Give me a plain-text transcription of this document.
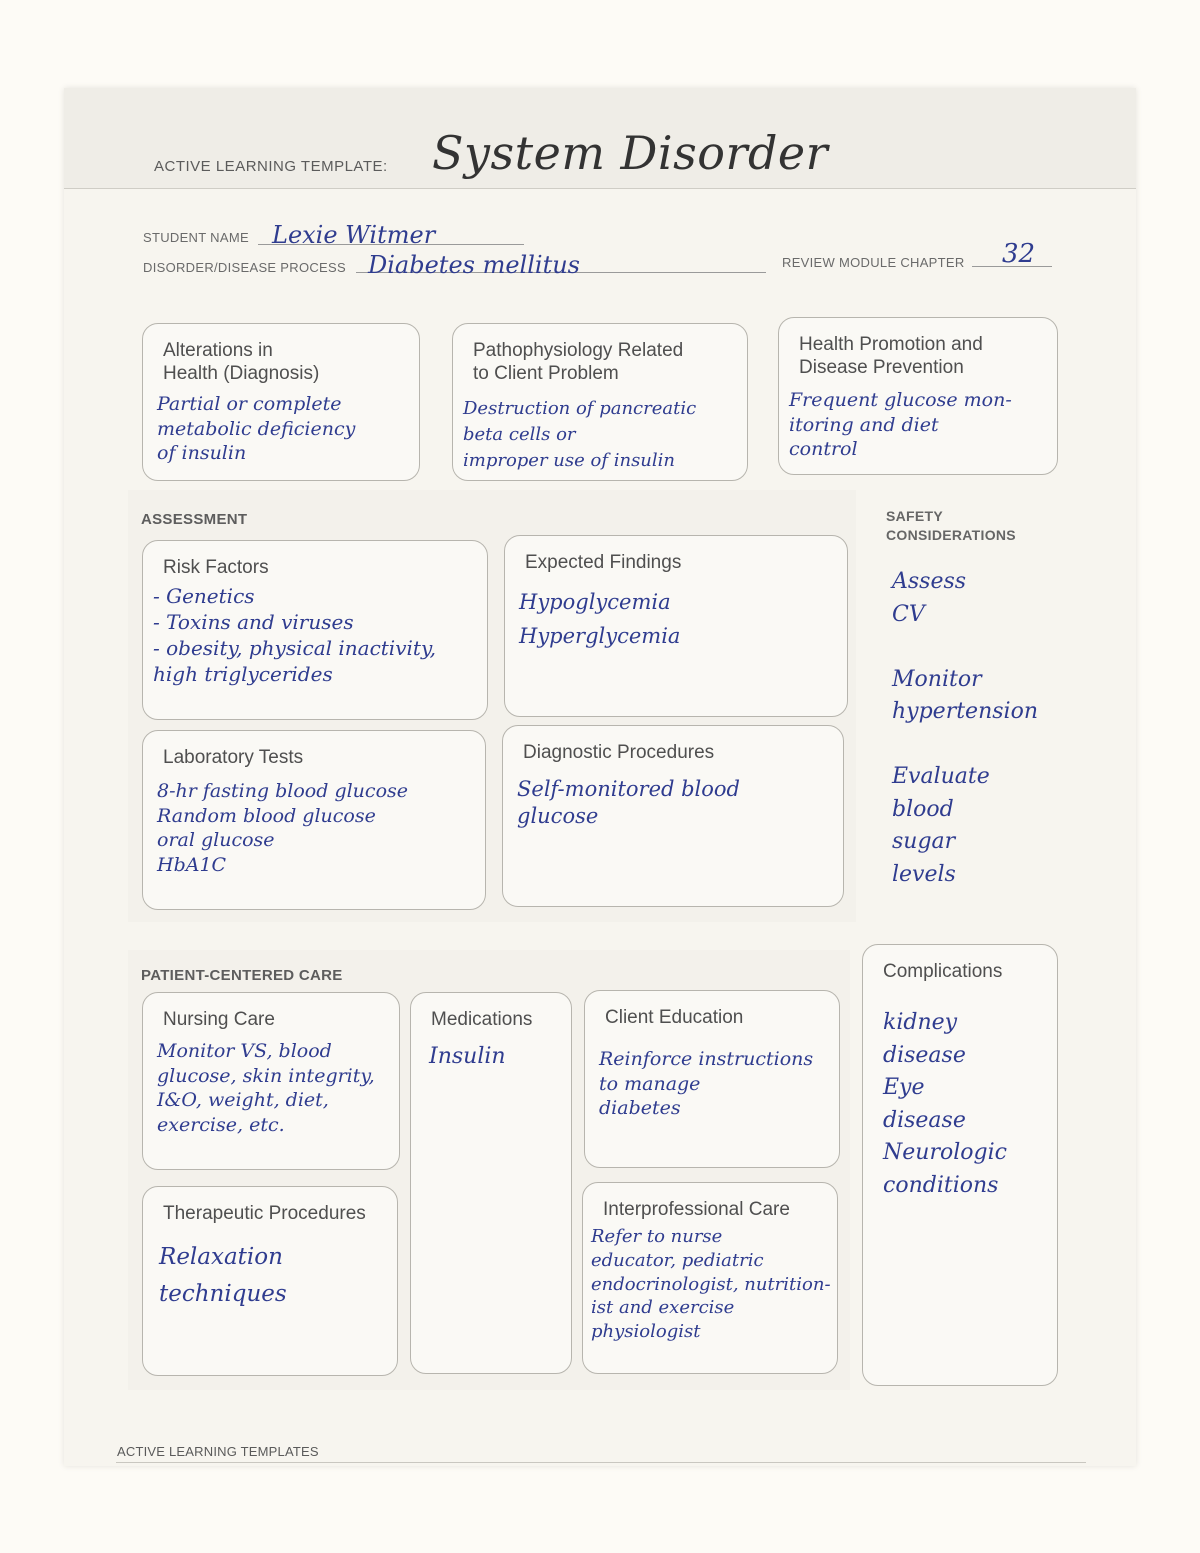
ACTIVE LEARNING TEMPLATE: System Disorder
STUDENT NAME Lexie Witmer
DISORDER/DISEASE PROCESS Diabetes mellitus	REVIEW MODULE CHAPTER 32
Alterations in
Health (Diagnosis)
Partial or complete
metabolic deficiency
of insulin
Pathophysiology Related
to Client Problem
Destruction of pancreatic
beta cells or
improper use of insulin
Health Promotion and
Disease Prevention
Frequent glucose mon-
itoring and diet
control
ASSESSMENT
Risk Factors
- Genetics
- Toxins and viruses
- obesity, physical inactivity,
high triglycerides
Expected Findings
Hypoglycemia
Hyperglycemia
Laboratory Tests
8-hr fasting blood glucose
Random blood glucose
oral glucose
HbA1C
Diagnostic Procedures
Self-monitored blood
glucose
SAFETY
CONSIDERATIONS
Assess
CV

Monitor
hypertension

Evaluate
blood
sugar
levels
PATIENT-CENTERED CARE
Nursing Care
Monitor VS, blood
glucose, skin integrity,
I&O, weight, diet,
exercise, etc.
Medications
Insulin
Client Education
Reinforce instructions
to manage
diabetes
Therapeutic Procedures
Relaxation
techniques
Interprofessional Care
Refer to nurse
educator, pediatric
endocrinologist, nutrition-
ist and exercise
physiologist
Complications
kidney
disease
Eye
disease
Neurologic
conditions
ACTIVE LEARNING TEMPLATES
